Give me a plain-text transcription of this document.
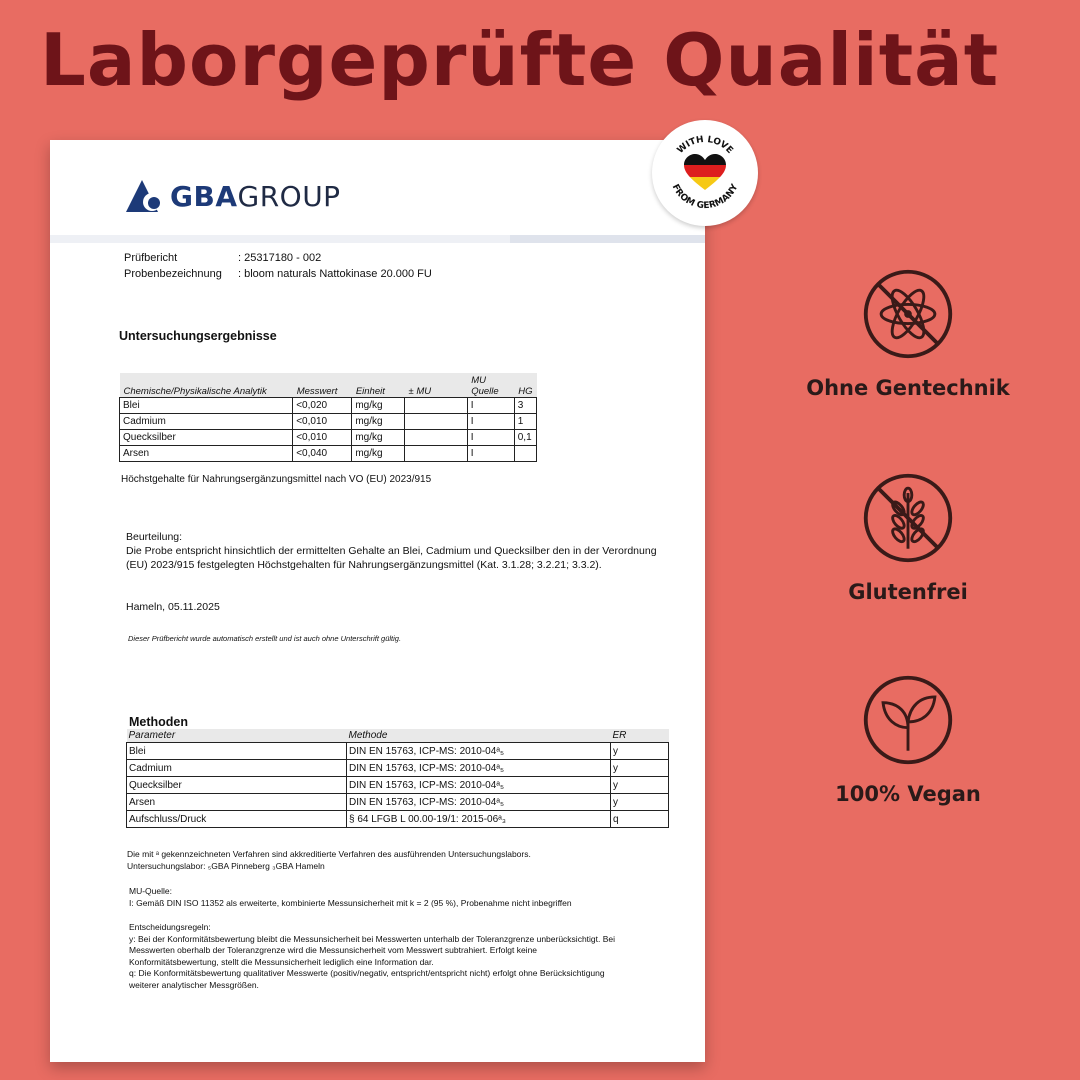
Laborgeprüfte Qualität
GBAGROUP
Prüfbericht	: 25317180 - 002
Probenbezeichnung : bloom naturals Nattokinase 20.000 FU
Untersuchungsergebnisse
Chemische/Physikalische Analytik	Messwert	Einheit	± MU	MU Quelle	HG
Blei	<0,020	mg/kg		I	3
Cadmium	<0,010	mg/kg		I	1
Quecksilber	<0,010	mg/kg		I	0,1
Arsen	<0,040	mg/kg		I	
Höchstgehalte für Nahrungsergänzungsmittel nach VO (EU) 2023/915
Beurteilung:
Die Probe entspricht hinsichtlich der ermittelten Gehalte an Blei, Cadmium und Quecksilber den in der Verordnung
(EU) 2023/915 festgelegten Höchstgehalten für Nahrungsergänzungsmittel (Kat. 3.1.28; 3.2.21; 3.3.2).
Hameln, 05.11.2025
Dieser Prüfbericht wurde automatisch erstellt und ist auch ohne Unterschrift gültig.
Methoden
Parameter	Methode	ER
Blei	DIN EN 15763, ICP-MS: 2010-04ᵃ₅	y
Cadmium	DIN EN 15763, ICP-MS: 2010-04ᵃ₅	y
Quecksilber	DIN EN 15763, ICP-MS: 2010-04ᵃ₅	y
Arsen	DIN EN 15763, ICP-MS: 2010-04ᵃ₅	y
Aufschluss/Druck	§ 64 LFGB L 00.00-19/1: 2015-06ᵃ₃	q
Die mit ᵃ gekennzeichneten Verfahren sind akkreditierte Verfahren des ausführenden Untersuchungslabors.
Untersuchungslabor: ₅GBA Pinneberg ₃GBA Hameln
MU-Quelle:
I: Gemäß DIN ISO 11352 als erweiterte, kombinierte Messunsicherheit mit k = 2 (95 %), Probenahme nicht inbegriffen
Entscheidungsregeln:
y: Bei der Konformitätsbewertung bleibt die Messunsicherheit bei Messwerten unterhalb der Toleranzgrenze unberücksichtigt. Bei
Messwerten oberhalb der Toleranzgrenze wird die Messunsicherheit vom Messwert subtrahiert. Erfolgt keine
Konformitätsbewertung, stellt die Messunsicherheit lediglich eine Information dar.
q: Die Konformitätsbewertung qualitativer Messwerte (positiv/negativ, entspricht/entspricht nicht) erfolgt ohne Berücksichtigung
weiterer analytischer Messgrößen.
WITH LOVE
FROM GERMANY
Ohne Gentechnik
Glutenfrei
100% Vegan
